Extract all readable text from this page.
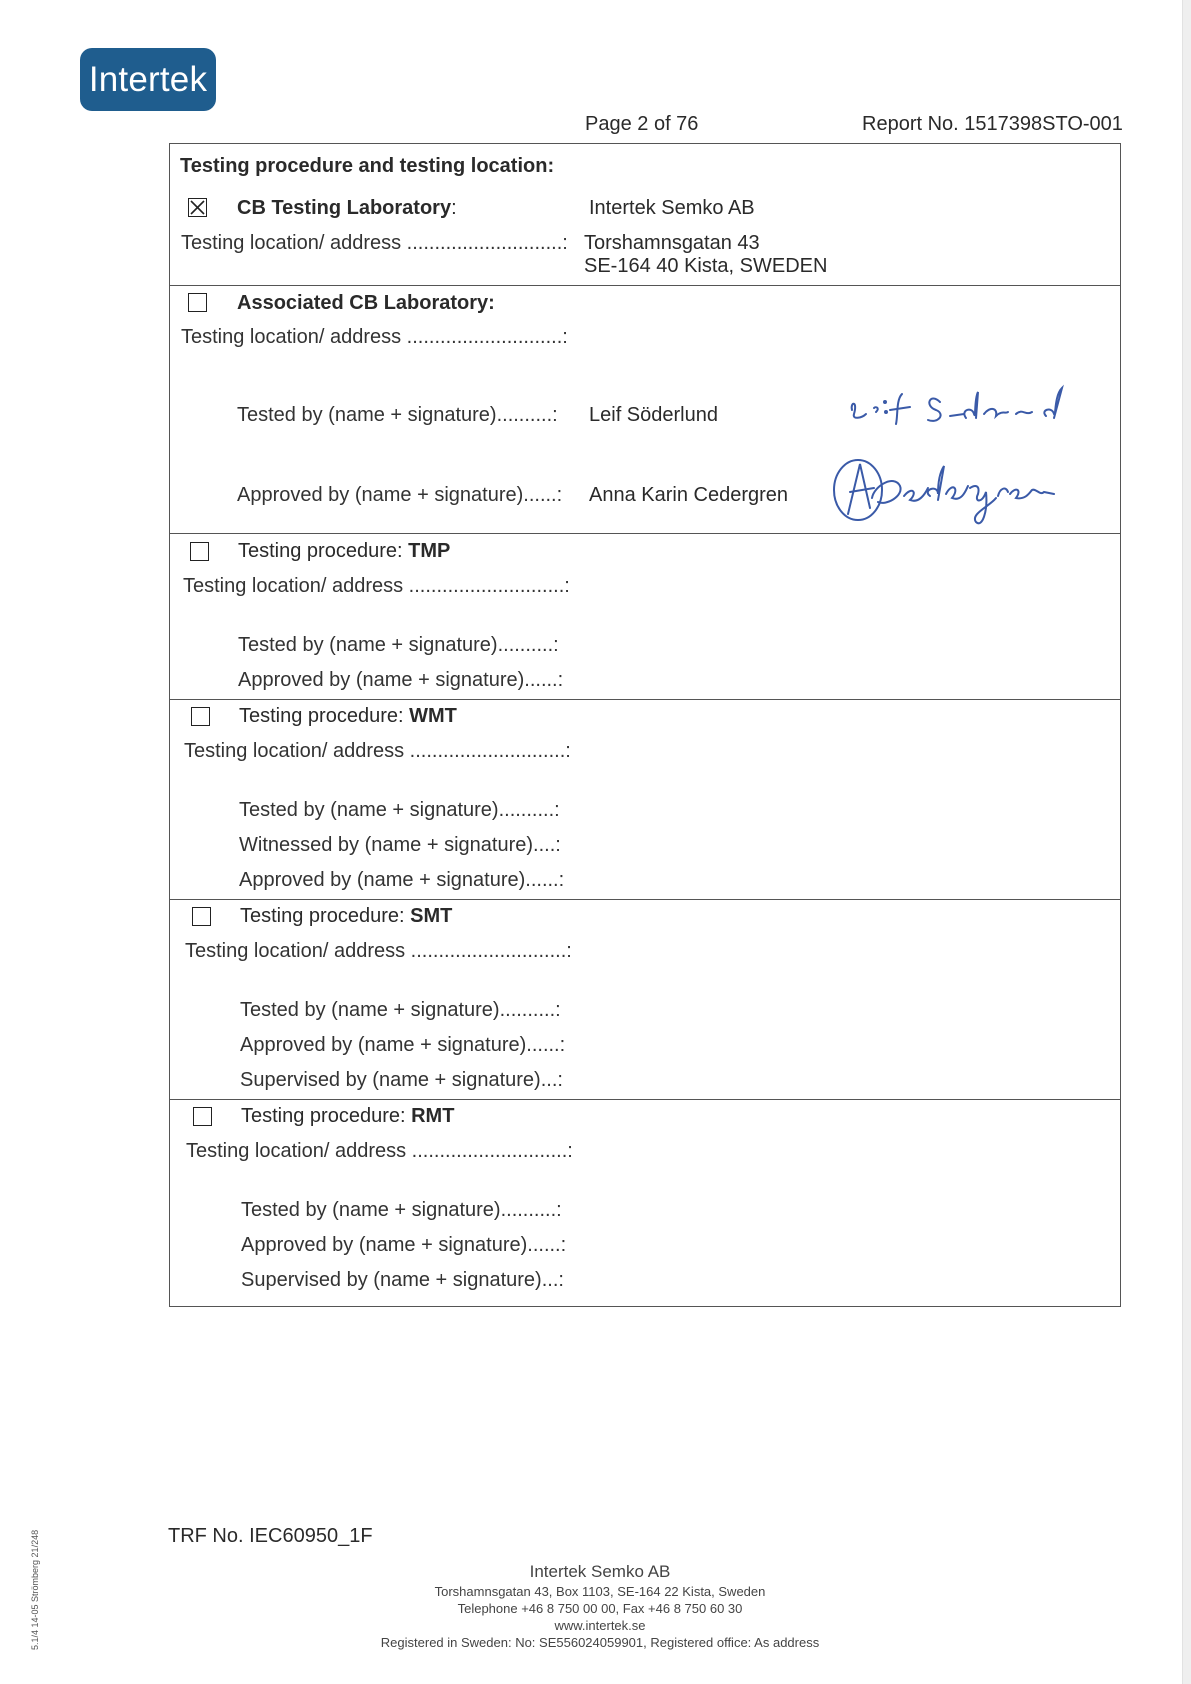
Intertek
Page 2 of 76	Report No. 1517398STO-001
Testing procedure and testing location:
CB Testing Laboratory:	Intertek Semko AB
Testing location/ address ............................: Torshamnsgatan 43
SE-164 40 Kista, SWEDEN
Associated CB Laboratory:
Testing location/ address ............................:
Tested by (name + signature)..........: Leif Söderlund
Approved by (name + signature)......: Anna Karin Cedergren
Testing procedure: TMP
Testing location/ address ............................:
Tested by (name + signature)..........:
Approved by (name + signature)......:
Testing procedure: WMT
Testing location/ address ............................:
Tested by (name + signature)..........:
Witnessed by (name + signature)....:
Approved by (name + signature)......:
Testing procedure: SMT
Testing location/ address ............................:
Tested by (name + signature)..........:
Approved by (name + signature)......:
Supervised by (name + signature)...:
Testing procedure: RMT
Testing location/ address ............................:
Tested by (name + signature)..........:
Approved by (name + signature)......:
Supervised by (name + signature)...:
5.1/4 14-05 Strömberg 21/248	TRF No. IEC60950_1F
Intertek Semko AB
Torshamnsgatan 43, Box 1103, SE-164 22 Kista, Sweden
Telephone +46 8 750 00 00, Fax +46 8 750 60 30
www.intertek.se
Registered in Sweden: No: SE556024059901, Registered office: As address
